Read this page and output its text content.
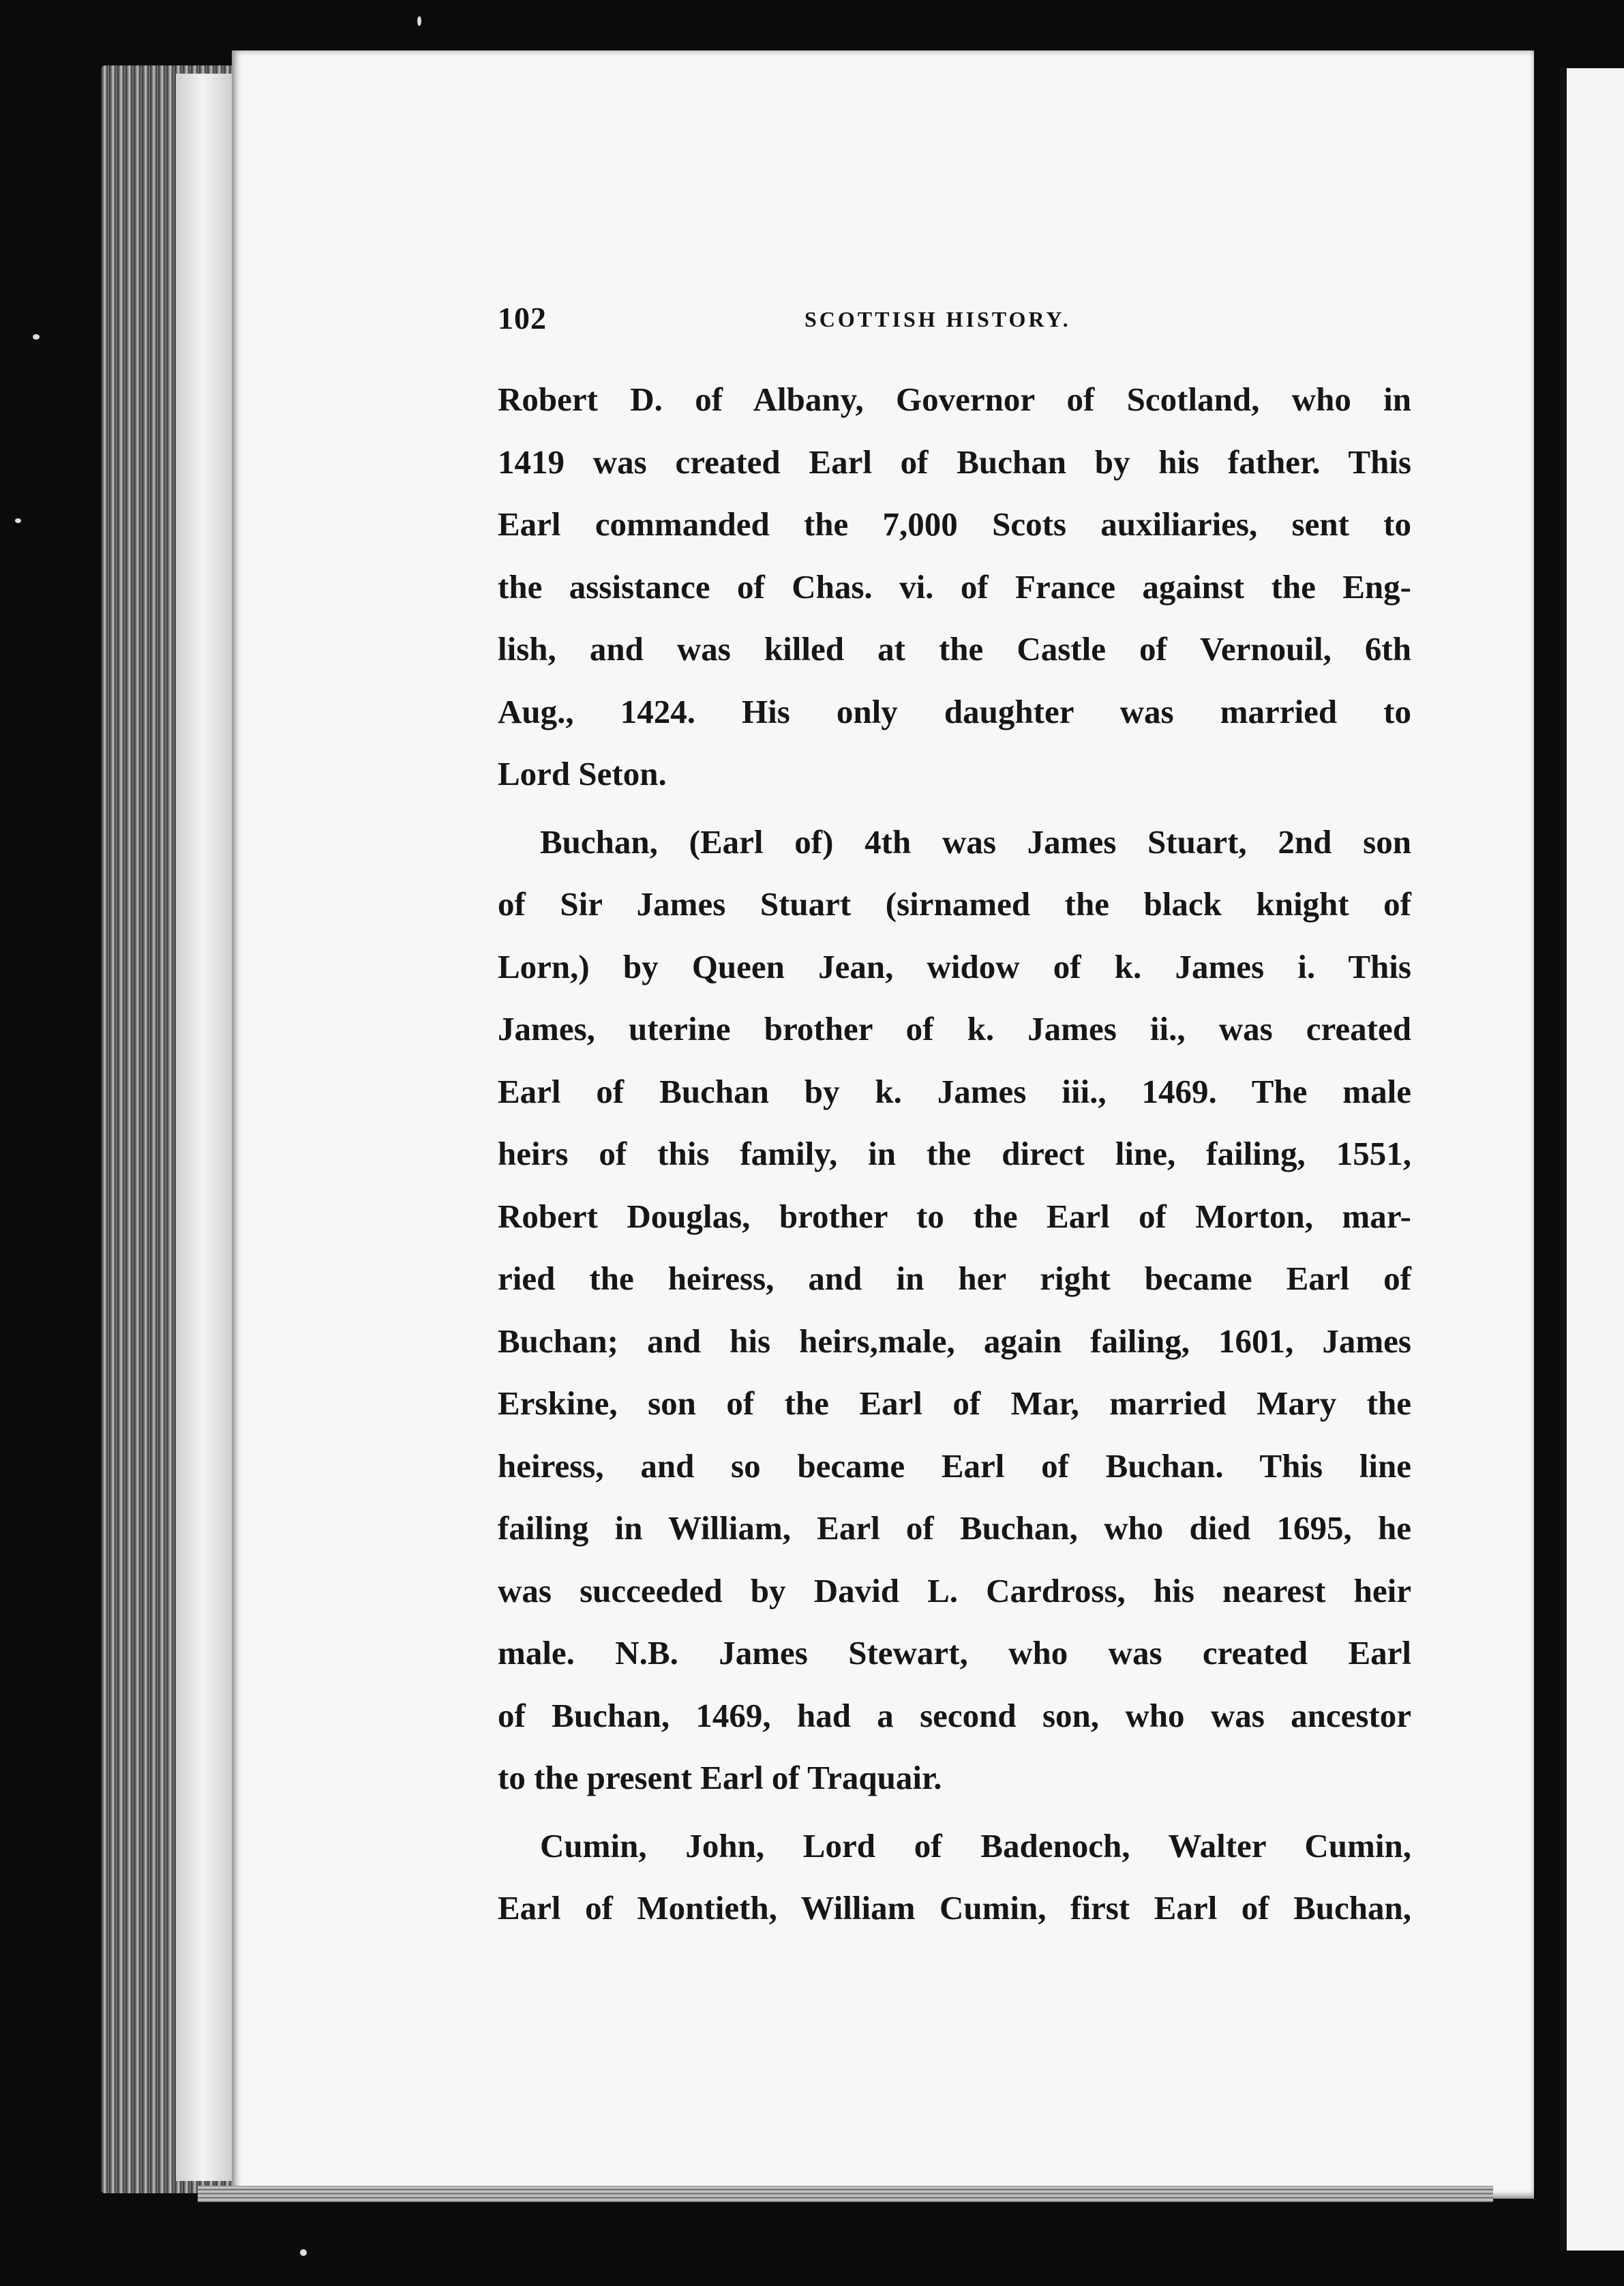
102	SCOTTISH HISTORY.
Robert D. of Albany, Governor of Scotland, who in
1419 was created Earl of Buchan by his father. This
Earl commanded the 7,000 Scots auxiliaries, sent to
the assistance of Chas. vi. of France against the Eng-
lish, and was killed at the Castle of Vernouil, 6th
Aug., 1424. His only daughter was married to
Lord Seton.
Buchan, (Earl of) 4th was James Stuart, 2nd son
of Sir James Stuart (sirnamed the black knight of
Lorn,) by Queen Jean, widow of k. James i. This
James, uterine brother of k. James ii., was created
Earl of Buchan by k. James iii., 1469. The male
heirs of this family, in the direct line, failing, 1551,
Robert Douglas, brother to the Earl of Morton, mar-
ried the heiress, and in her right became Earl of
Buchan; and his heirs,male, again failing, 1601, James
Erskine, son of the Earl of Mar, married Mary the
heiress, and so became Earl of Buchan. This line
failing in William, Earl of Buchan, who died 1695, he
was succeeded by David L. Cardross, his nearest heir
male. N.B. James Stewart, who was created Earl
of Buchan, 1469, had a second son, who was ancestor
to the present Earl of Traquair.
Cumin, John, Lord of Badenoch, Walter Cumin,
Earl of Montieth, William Cumin, first Earl of Buchan,
